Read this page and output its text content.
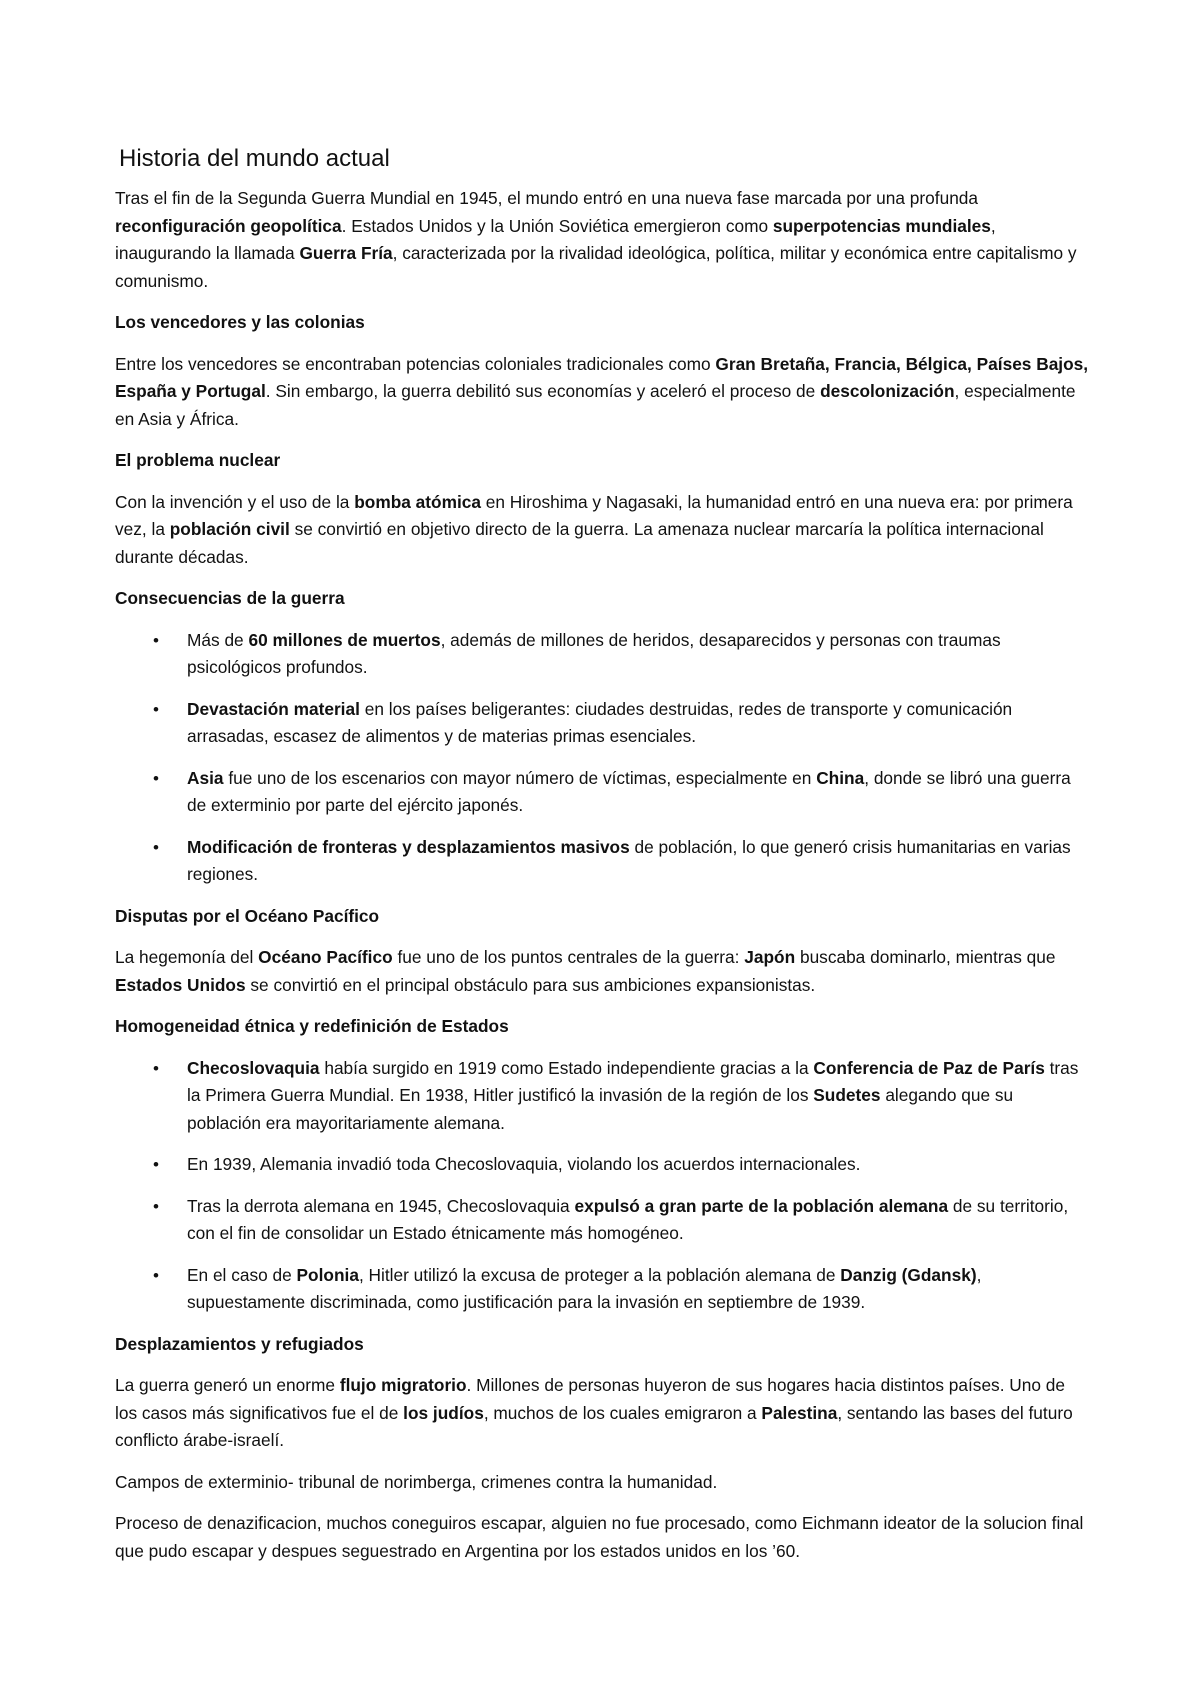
Historia del mundo actual

Tras el fin de la Segunda Guerra Mundial en 1945, el mundo entró en una nueva fase marcada por una profunda reconfiguración geopolítica. Estados Unidos y la Unión Soviética emergieron como superpotencias mundiales, inaugurando la llamada Guerra Fría, caracterizada por la rivalidad ideológica, política, militar y económica entre capitalismo y comunismo.

Los vencedores y las colonias

Entre los vencedores se encontraban potencias coloniales tradicionales como Gran Bretaña, Francia, Bélgica, Países Bajos, España y Portugal. Sin embargo, la guerra debilitó sus economías y aceleró el proceso de descolonización, especialmente en Asia y África.

El problema nuclear

Con la invención y el uso de la bomba atómica en Hiroshima y Nagasaki, la humanidad entró en una nueva era: por primera vez, la población civil se convirtió en objetivo directo de la guerra. La amenaza nuclear marcaría la política internacional durante décadas.

Consecuencias de la guerra

• Más de 60 millones de muertos, además de millones de heridos, desaparecidos y personas con traumas psicológicos profundos.
• Devastación material en los países beligerantes: ciudades destruidas, redes de transporte y comunicación arrasadas, escasez de alimentos y de materias primas esenciales.
• Asia fue uno de los escenarios con mayor número de víctimas, especialmente en China, donde se libró una guerra de exterminio por parte del ejército japonés.
• Modificación de fronteras y desplazamientos masivos de población, lo que generó crisis humanitarias en varias regiones.

Disputas por el Océano Pacífico

La hegemonía del Océano Pacífico fue uno de los puntos centrales de la guerra: Japón buscaba dominarlo, mientras que Estados Unidos se convirtió en el principal obstáculo para sus ambiciones expansionistas.

Homogeneidad étnica y redefinición de Estados

• Checoslovaquia había surgido en 1919 como Estado independiente gracias a la Conferencia de Paz de París tras la Primera Guerra Mundial. En 1938, Hitler justificó la invasión de la región de los Sudetes alegando que su población era mayoritariamente alemana.
• En 1939, Alemania invadió toda Checoslovaquia, violando los acuerdos internacionales.
• Tras la derrota alemana en 1945, Checoslovaquia expulsó a gran parte de la población alemana de su territorio, con el fin de consolidar un Estado étnicamente más homogéneo.
• En el caso de Polonia, Hitler utilizó la excusa de proteger a la población alemana de Danzig (Gdansk), supuestamente discriminada, como justificación para la invasión en septiembre de 1939.

Desplazamientos y refugiados

La guerra generó un enorme flujo migratorio. Millones de personas huyeron de sus hogares hacia distintos países. Uno de los casos más significativos fue el de los judíos, muchos de los cuales emigraron a Palestina, sentando las bases del futuro conflicto árabe-israelí.

Campos de exterminio- tribunal de norimberga, crimenes contra la humanidad.

Proceso de denazificacion, muchos coneguiros escapar, alguien no fue procesado, como Eichmann ideator de la solucion final que pudo escapar y despues seguestrado en Argentina por los estados unidos en los ’60.
